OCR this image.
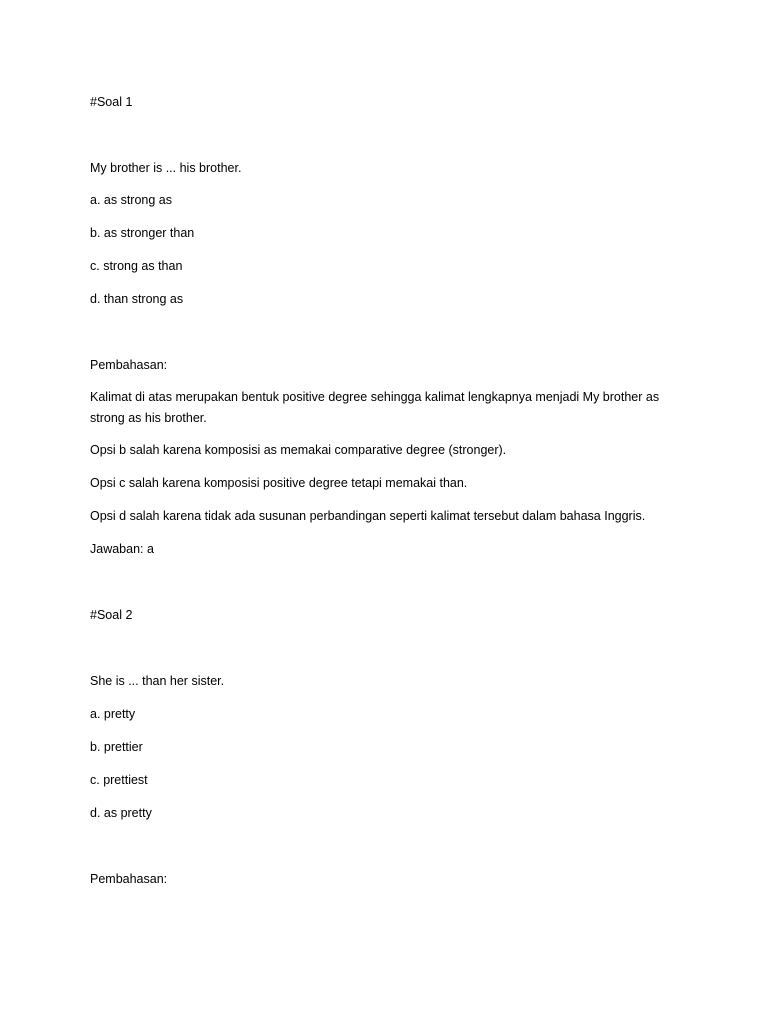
#Soal 1

My brother is ... his brother.

a. as strong as

b. as stronger than

c. strong as than

d. than strong as

Pembahasan:

Kalimat di atas merupakan bentuk positive degree sehingga kalimat lengkapnya menjadi My brother as strong as his brother.

Opsi b salah karena komposisi as memakai comparative degree (stronger).

Opsi c salah karena komposisi positive degree tetapi memakai than.

Opsi d salah karena tidak ada susunan perbandingan seperti kalimat tersebut dalam bahasa Inggris.

Jawaban: a

#Soal 2

She is ... than her sister.

a. pretty

b. prettier

c. prettiest

d. as pretty

Pembahasan:
